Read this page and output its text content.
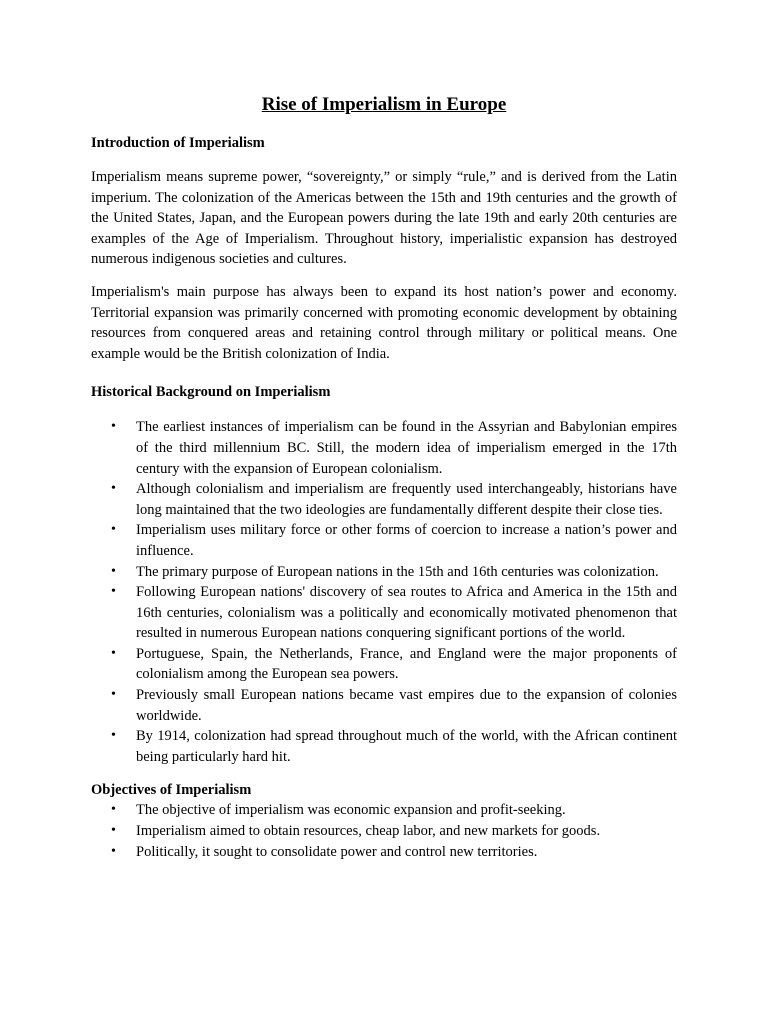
Rise of Imperialism in Europe
Introduction of Imperialism

Imperialism means supreme power, “sovereignty,” or simply “rule,” and is derived from the Latin imperium. The colonization of the Americas between the 15th and 19th centuries and the growth of the United States, Japan, and the European powers during the late 19th and early 20th centuries are examples of the Age of Imperialism. Throughout history, imperialistic expansion has destroyed numerous indigenous societies and cultures.

Imperialism's main purpose has always been to expand its host nation’s power and economy. Territorial expansion was primarily concerned with promoting economic development by obtaining resources from conquered areas and retaining control through military or political means. One example would be the British colonization of India.

Historical Background on Imperialism
• The earliest instances of imperialism can be found in the Assyrian and Babylonian empires of the third millennium BC. Still, the modern idea of imperialism emerged in the 17th century with the expansion of European colonialism.
• Although colonialism and imperialism are frequently used interchangeably, historians have long maintained that the two ideologies are fundamentally different despite their close ties.
• Imperialism uses military force or other forms of coercion to increase a nation’s power and influence.
• The primary purpose of European nations in the 15th and 16th centuries was colonization.
• Following European nations' discovery of sea routes to Africa and America in the 15th and 16th centuries, colonialism was a politically and economically motivated phenomenon that resulted in numerous European nations conquering significant portions of the world.
• Portuguese, Spain, the Netherlands, France, and England were the major proponents of colonialism among the European sea powers.
• Previously small European nations became vast empires due to the expansion of colonies worldwide.
• By 1914, colonization had spread throughout much of the world, with the African continent being particularly hard hit.
Objectives of Imperialism
• The objective of imperialism was economic expansion and profit-seeking.
• Imperialism aimed to obtain resources, cheap labor, and new markets for goods.
• Politically, it sought to consolidate power and control new territories.
